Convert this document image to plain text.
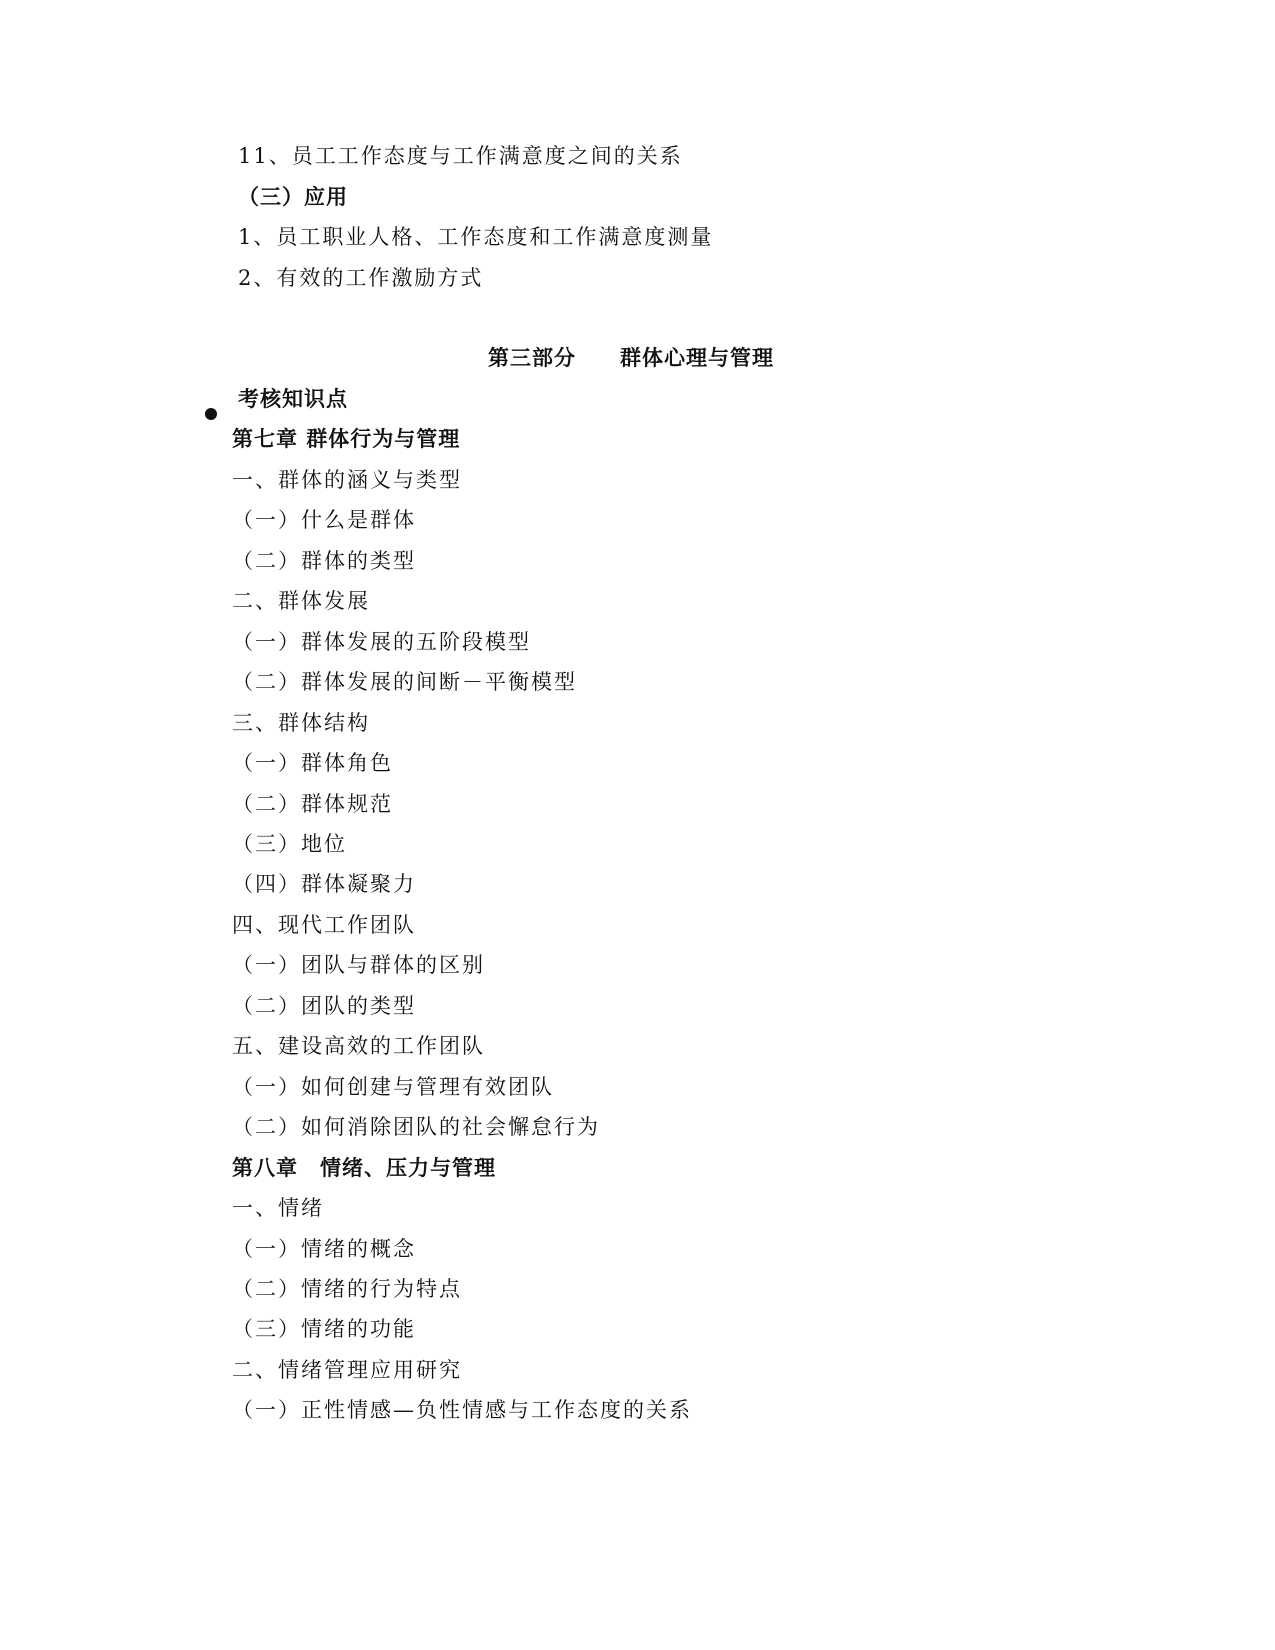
11、员工工作态度与工作满意度之间的关系
（三）应用
1、员工职业人格、工作态度和工作满意度测量
2、有效的工作激励方式
第三部分　　群体心理与管理
考核知识点
第七章 群体行为与管理
一、群体的涵义与类型
（一）什么是群体
（二）群体的类型
二、群体发展
（一）群体发展的五阶段模型
（二）群体发展的间断－平衡模型
三、群体结构
（一）群体角色
（二）群体规范
（三）地位
（四）群体凝聚力
四、现代工作团队
（一）团队与群体的区别
（二）团队的类型
五、建设高效的工作团队
（一）如何创建与管理有效团队
（二）如何消除团队的社会懈怠行为
第八章　情绪、压力与管理
一、情绪
（一）情绪的概念
（二）情绪的行为特点
（三）情绪的功能
二、情绪管理应用研究
（一）正性情感—负性情感与工作态度的关系
